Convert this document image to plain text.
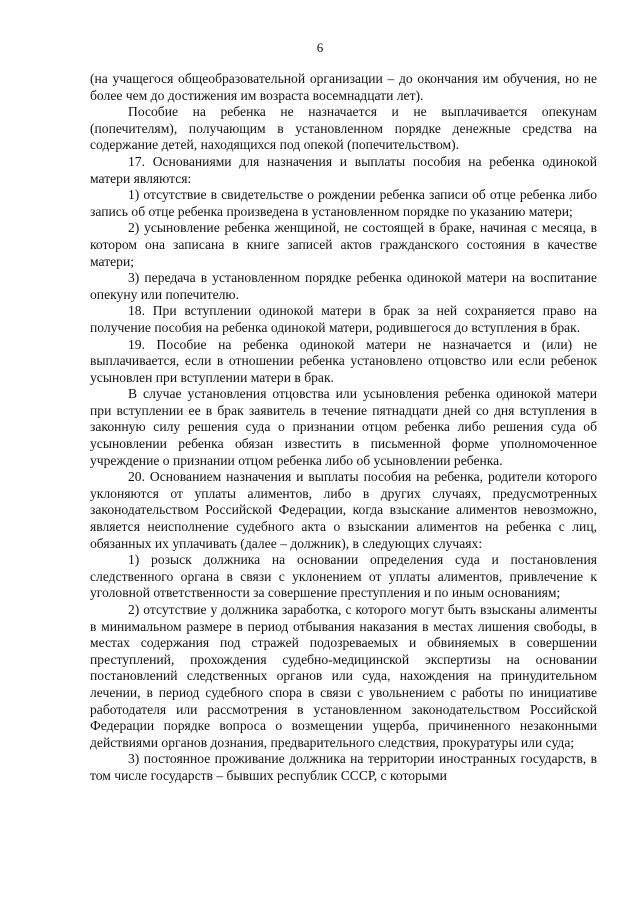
6

(на учащегося общеобразовательной организации – до окончания им обучения, но не более чем до достижения им возраста восемнадцати лет).

Пособие на ребенка не назначается и не выплачивается опекунам (попечителям), получающим в установленном порядке денежные средства на содержание детей, находящихся под опекой (попечительством).

17. Основаниями для назначения и выплаты пособия на ребенка одинокой матери являются:

1) отсутствие в свидетельстве о рождении ребенка записи об отце ребенка либо запись об отце ребенка произведена в установленном порядке по указанию матери;

2) усыновление ребенка женщиной, не состоящей в браке, начиная с месяца, в котором она записана в книге записей актов гражданского состояния в качестве матери;

3) передача в установленном порядке ребенка одинокой матери на воспитание опекуну или попечителю.

18. При вступлении одинокой матери в брак за ней сохраняется право на получение пособия на ребенка одинокой матери, родившегося до вступления в брак.

19. Пособие на ребенка одинокой матери не назначается и (или) не выплачивается, если в отношении ребенка установлено отцовство или если ребенок усыновлен при вступлении матери в брак.

В случае установления отцовства или усыновления ребенка одинокой матери при вступлении ее в брак заявитель в течение пятнадцати дней со дня вступления в законную силу решения суда о признании отцом ребенка либо решения суда об усыновлении ребенка обязан известить в письменной форме уполномоченное учреждение о признании отцом ребенка либо об усыновлении ребенка.

20. Основанием назначения и выплаты пособия на ребенка, родители которого уклоняются от уплаты алиментов, либо в других случаях, предусмотренных законодательством Российской Федерации, когда взыскание алиментов невозможно, является неисполнение судебного акта о взыскании алиментов на ребенка с лиц, обязанных их уплачивать (далее – должник), в следующих случаях:

1) розыск должника на основании определения суда и постановления следственного органа в связи с уклонением от уплаты алиментов, привлечение к уголовной ответственности за совершение преступления и по иным основаниям;

2) отсутствие у должника заработка, с которого могут быть взысканы алименты в минимальном размере в период отбывания наказания в местах лишения свободы, в местах содержания под стражей подозреваемых и обвиняемых в совершении преступлений, прохождения судебно-медицинской экспертизы на основании постановлений следственных органов или суда, нахождения на принудительном лечении, в период судебного спора в связи с увольнением с работы по инициативе работодателя или рассмотрения в установленном законодательством Российской Федерации порядке вопроса о возмещении ущерба, причиненного незаконными действиями органов дознания, предварительного следствия, прокуратуры или суда;

3) постоянное проживание должника на территории иностранных государств, в том числе государств – бывших республик СССР, с которыми
